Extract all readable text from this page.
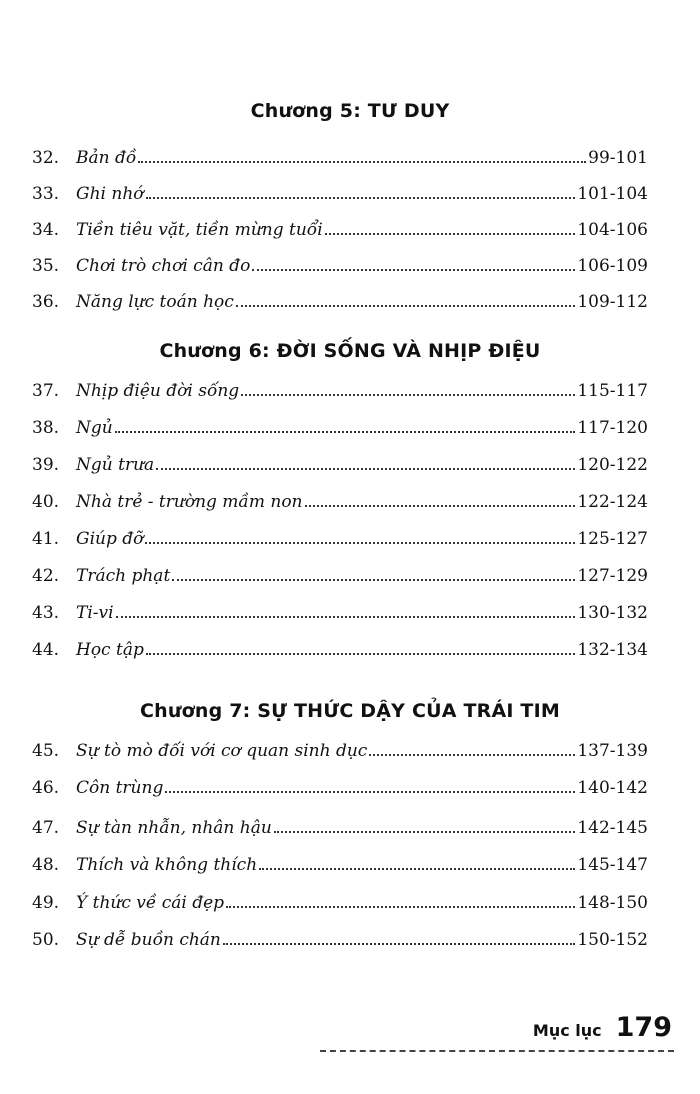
Chương 5: TƯ DUY
32. Bản đồ	99-101
33. Ghi nhớ	101-104
34. Tiền tiêu vặt, tiền mừng tuổi	104-106
35. Chơi trò chơi cân đo	106-109
36. Năng lực toán học	109-112
Chương 6: ĐỜI SỐNG VÀ NHỊP ĐIỆU
37. Nhịp điệu đời sống	115-117
38. Ngủ	117-120
39. Ngủ trưa	120-122
40. Nhà trẻ - trường mầm non	122-124
41. Giúp đỡ	125-127
42. Trách phạt	127-129
43. Ti-vi	130-132
44. Học tập	132-134
Chương 7: SỰ THỨC DẬY CỦA TRÁI TIM
45. Sự tò mò đối với cơ quan sinh dục	137-139
46. Côn trùng	140-142
47. Sự tàn nhẫn, nhân hậu	142-145
48. Thích và không thích	145-147
49. Ý thức về cái đẹp	148-150
50. Sự dễ buồn chán	150-152
Mục lục 179
